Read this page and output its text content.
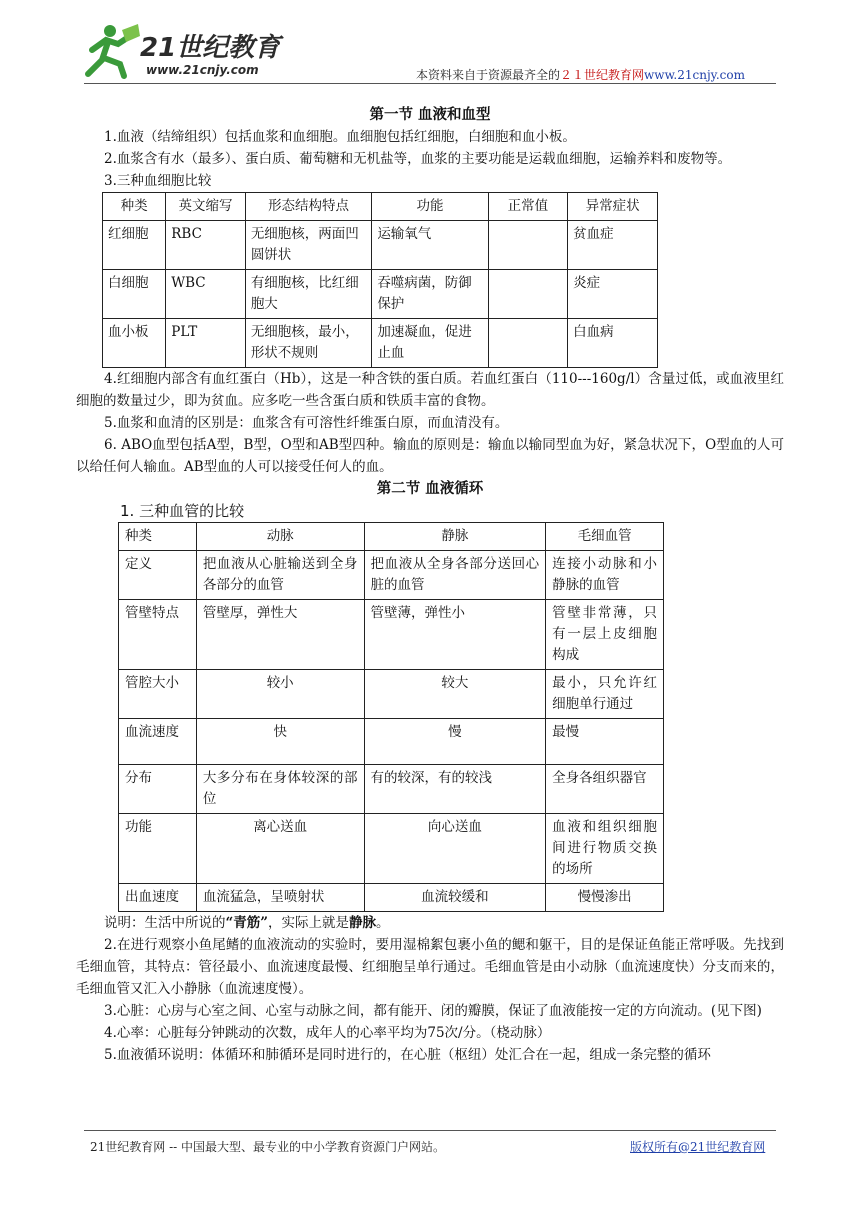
21世纪教育
www.21cnjy.com	本资料来自于资源最齐全的２１世纪教育网www.21cnjy.com
第一节 血液和血型

1.血液（结缔组织）包括血浆和血细胞。血细胞包括红细胞，白细胞和血小板。

2.血浆含有水（最多）、蛋白质、葡萄糖和无机盐等，血浆的主要功能是运载血细胞，运输养料和废物等。

3.三种血细胞比较
种类	英文缩写	形态结构特点	功能	正常值	异常症状
红细胞	RBC	无细胞核，两面凹圆饼状	运输氧气		贫血症
白细胞	WBC	有细胞核，比红细胞大	吞噬病菌，防御保护		炎症
血小板	PLT	无细胞核，最小，形状不规则	加速凝血，促进止血		白血病

4.红细胞内部含有血红蛋白（Hb），这是一种含铁的蛋白质。若血红蛋白（110---160g/l）含量过低，或血液里红细胞的数量过少，即为贫血。应多吃一些含蛋白质和铁质丰富的食物。

5.血浆和血清的区别是：血浆含有可溶性纤维蛋白原，而血清没有。

6. ABO血型包括A型，B型，O型和AB型四种。输血的原则是：输血以输同型血为好，紧急状况下，O型血的人可以给任何人输血。AB型血的人可以接受任何人的血。

第二节 血液循环
1. 三种血管的比较
种类	动脉	静脉	毛细血管
定义	把血液从心脏输送到全身各部分的血管	把血液从全身各部分送回心脏的血管	连接小动脉和小静脉的血管
管壁特点	管壁厚，弹性大	管壁薄，弹性小	管壁非常薄，只有一层上皮细胞构成
管腔大小	较小	较大	最小，只允许红细胞单行通过
血流速度	快	慢	最慢
分布	大多分布在身体较深的部位	有的较深，有的较浅	全身各组织器官
功能	离心送血	向心送血	血液和组织细胞间进行物质交换的场所
出血速度	血流猛急，呈喷射状	血流较缓和	慢慢渗出

说明：生活中所说的“青筋”，实际上就是静脉。

2.在进行观察小鱼尾鳍的血液流动的实验时，要用湿棉絮包裹小鱼的鳃和躯干，目的是保证鱼能正常呼吸。先找到毛细血管，其特点：管径最小、血流速度最慢、红细胞呈单行通过。毛细血管是由小动脉（血流速度快）分支而来的，毛细血管又汇入小静脉（血流速度慢）。

3.心脏：心房与心室之间、心室与动脉之间，都有能开、闭的瓣膜，保证了血液能按一定的方向流动。(见下图)

4.心率：心脏每分钟跳动的次数，成年人的心率平均为75次/分。（桡动脉）

5.血液循环说明：体循环和肺循环是同时进行的，在心脏（枢纽）处汇合在一起，组成一条完整的循环

21世纪教育网 -- 中国最大型、最专业的中小学教育资源门户网站。	版权所有@21世纪教育网
